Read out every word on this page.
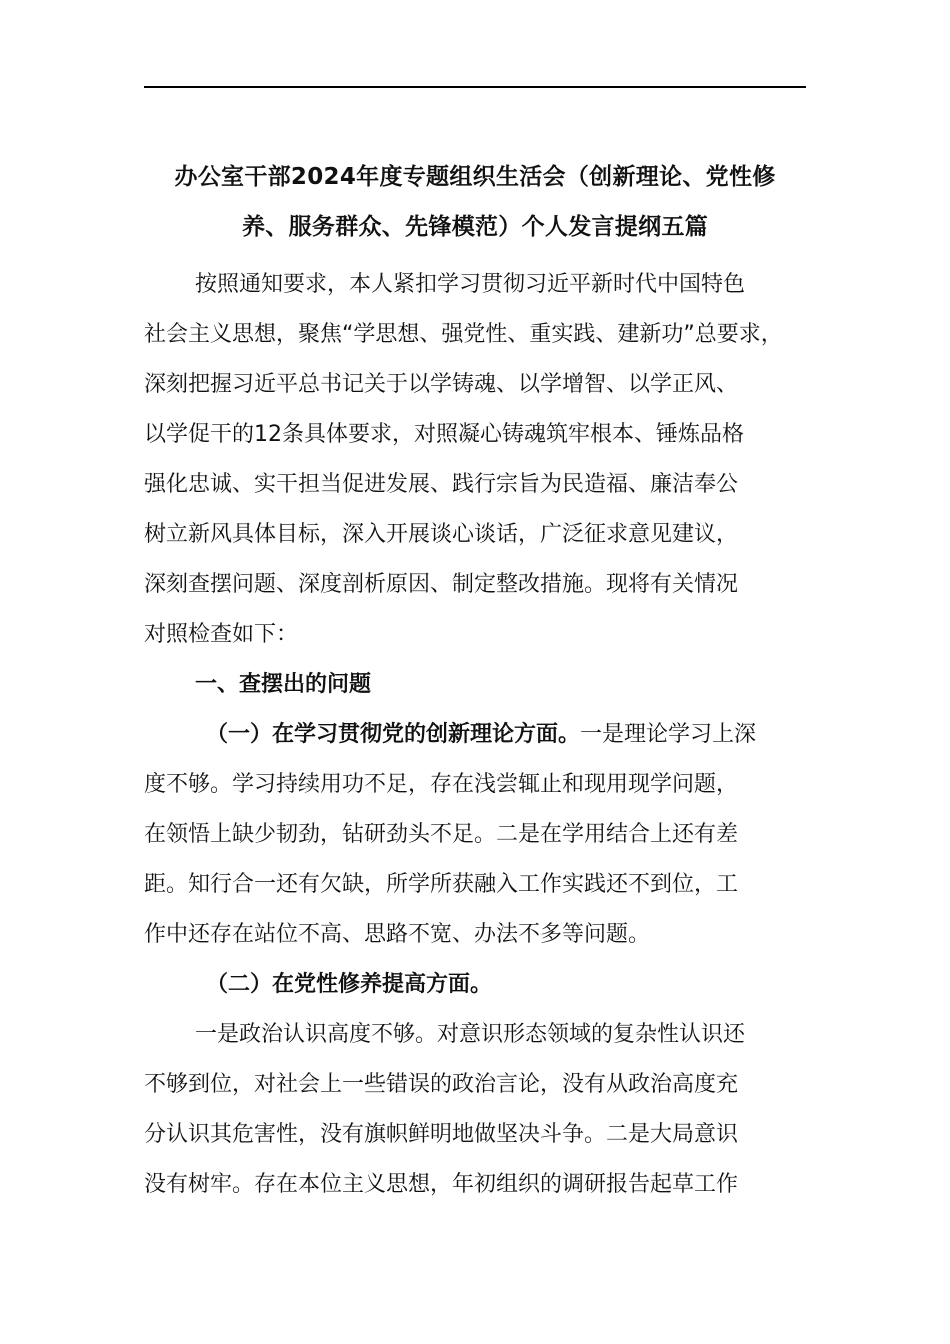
办公室干部2024年度专题组织生活会（创新理论、党性修
养、服务群众、先锋模范）个人发言提纲五篇
按照通知要求，本人紧扣学习贯彻习近平新时代中国特色
社会主义思想，聚焦“学思想、强党性、重实践、建新功”总要求，
深刻把握习近平总书记关于以学铸魂、以学增智、以学正风、
以学促干的12条具体要求，对照凝心铸魂筑牢根本、锤炼品格
强化忠诚、实干担当促进发展、践行宗旨为民造福、廉洁奉公
树立新风具体目标，深入开展谈心谈话，广泛征求意见建议，
深刻查摆问题、深度剖析原因、制定整改措施。现将有关情况
对照检查如下：
一、查摆出的问题
（一）在学习贯彻党的创新理论方面。一是理论学习上深
度不够。学习持续用功不足，存在浅尝辄止和现用现学问题，
在领悟上缺少韧劲，钻研劲头不足。二是在学用结合上还有差
距。知行合一还有欠缺，所学所获融入工作实践还不到位，工
作中还存在站位不高、思路不宽、办法不多等问题。
（二）在党性修养提高方面。
一是政治认识高度不够。对意识形态领域的复杂性认识还
不够到位，对社会上一些错误的政治言论，没有从政治高度充
分认识其危害性，没有旗帜鲜明地做坚决斗争。二是大局意识
没有树牢。存在本位主义思想，年初组织的调研报告起草工作
